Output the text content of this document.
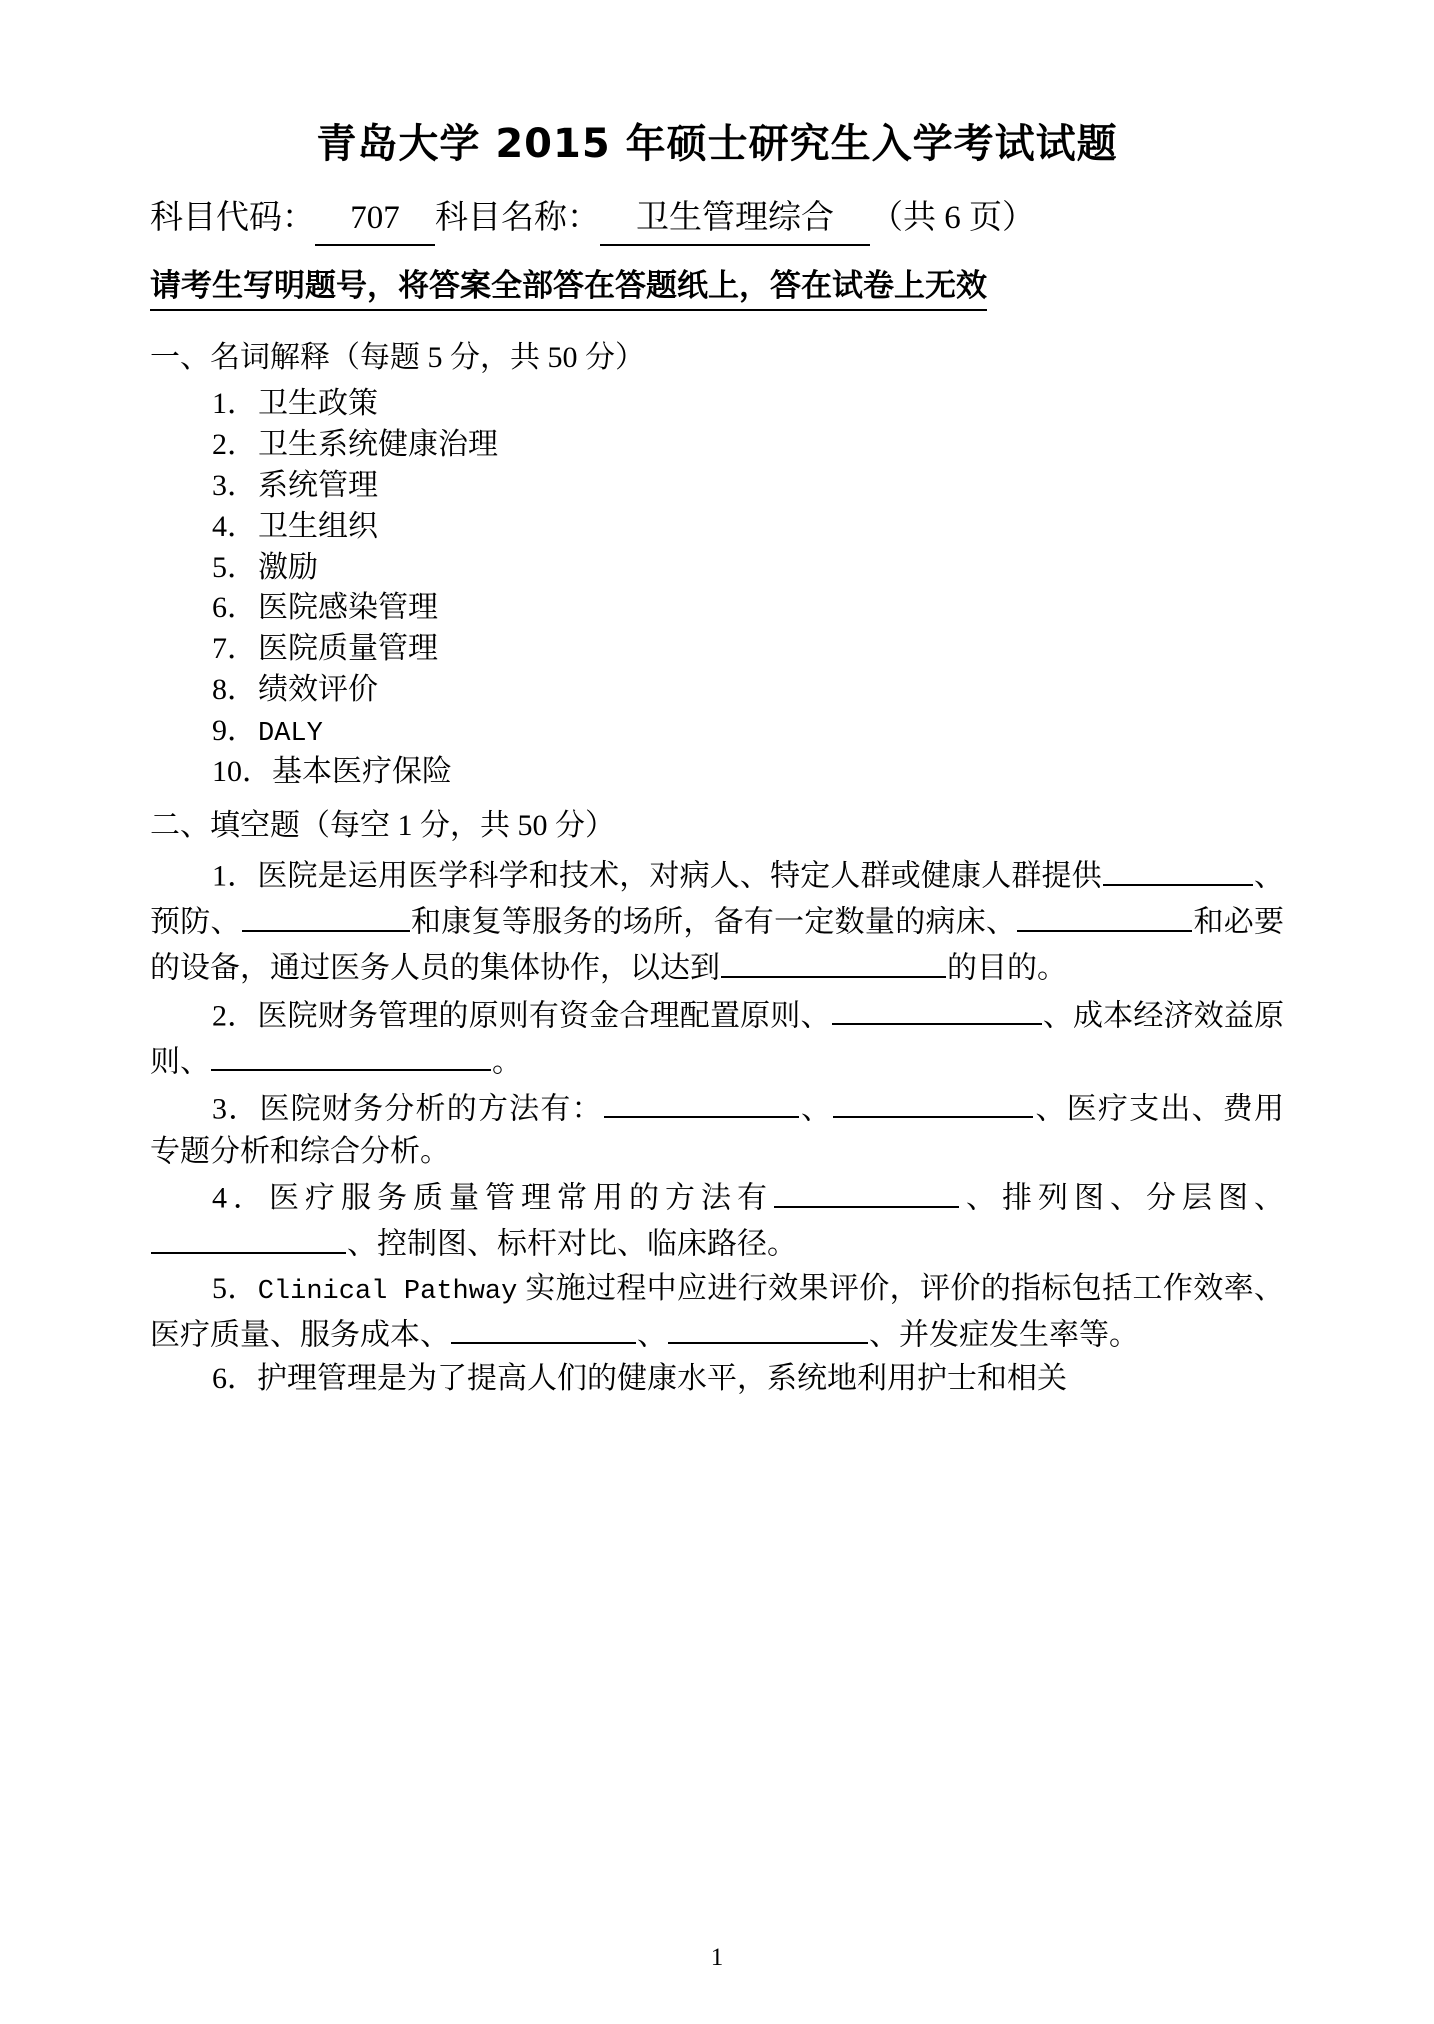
青岛大学 2015 年硕士研究生入学考试试题
科目代码： 707 科目名称： 卫生管理综合 （共 6 页）
请考生写明题号，将答案全部答在答题纸上，答在试卷上无效
一、名词解释（每题 5 分，共 50 分）
1．卫生政策
2．卫生系统健康治理
3．系统管理
4．卫生组织
5．激励
6．医院感染管理
7．医院质量管理
8．绩效评价
9．DALY
10．基本医疗保险
二、填空题（每空 1 分，共 50 分）

1．医院是运用医学科学和技术，对病人、特定人群或健康人群提供	、预防、	和康复等服务的场所，备有一定数量的病床、	和必要的设备，通过医务人员的集体协作，以达到	的目的。

2．医院财务管理的原则有资金合理配置原则、	、成本经济效益原则、	。

3．医院财务分析的方法有：	、	、医疗支出、费用专题分析和综合分析。

4．医疗服务质量管理常用的方法有	、排列图、分层图、、控制图、标杆对比、临床路径。

5．Clinical Pathway 实施过程中应进行效果评价，评价的指标包括工作效率、医疗质量、服务成本、	、	、并发症发生率等。

6．护理管理是为了提高人们的健康水平，系统地利用护士和相关

1
